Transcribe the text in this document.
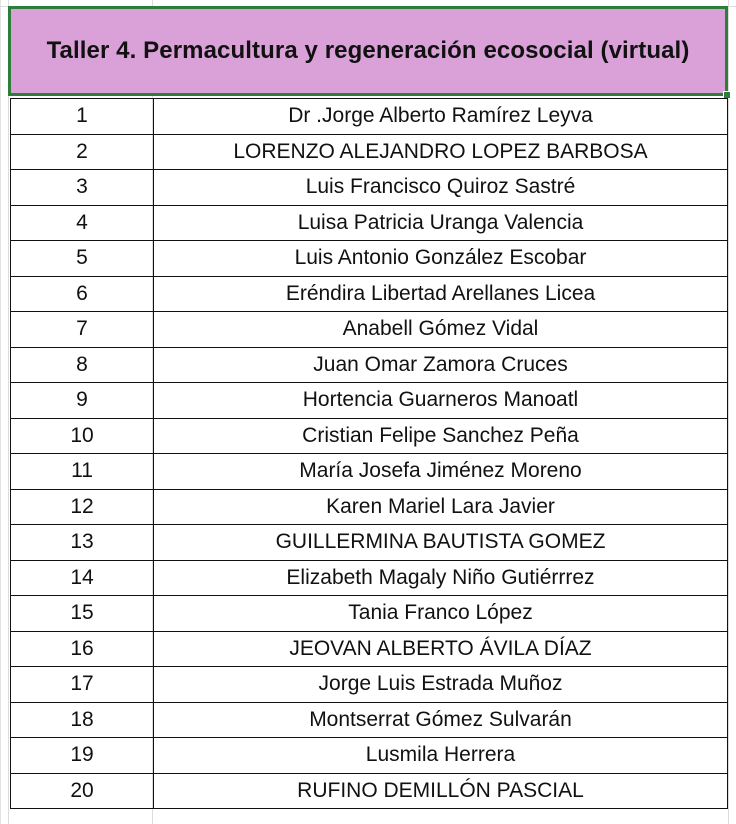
Taller 4. Permacultura y regeneración ecosocial (virtual)
1	Dr .Jorge Alberto Ramírez Leyva
2	LORENZO ALEJANDRO LOPEZ BARBOSA
3	Luis Francisco Quiroz Sastré
4	Luisa Patricia Uranga Valencia
5	Luis Antonio González Escobar
6	Eréndira Libertad Arellanes Licea
7	Anabell Gómez Vidal
8	Juan Omar Zamora Cruces
9	Hortencia Guarneros Manoatl
10	Cristian Felipe Sanchez Peña
11	María Josefa Jiménez Moreno
12	Karen Mariel Lara Javier
13	GUILLERMINA BAUTISTA GOMEZ
14	Elizabeth Magaly Niño Gutiérrrez
15	Tania Franco López
16	JEOVAN ALBERTO ÁVILA DÍAZ
17	Jorge Luis Estrada Muñoz
18	Montserrat Gómez Sulvarán
19	Lusmila Herrera
20	RUFINO DEMILLÓN PASCIAL
